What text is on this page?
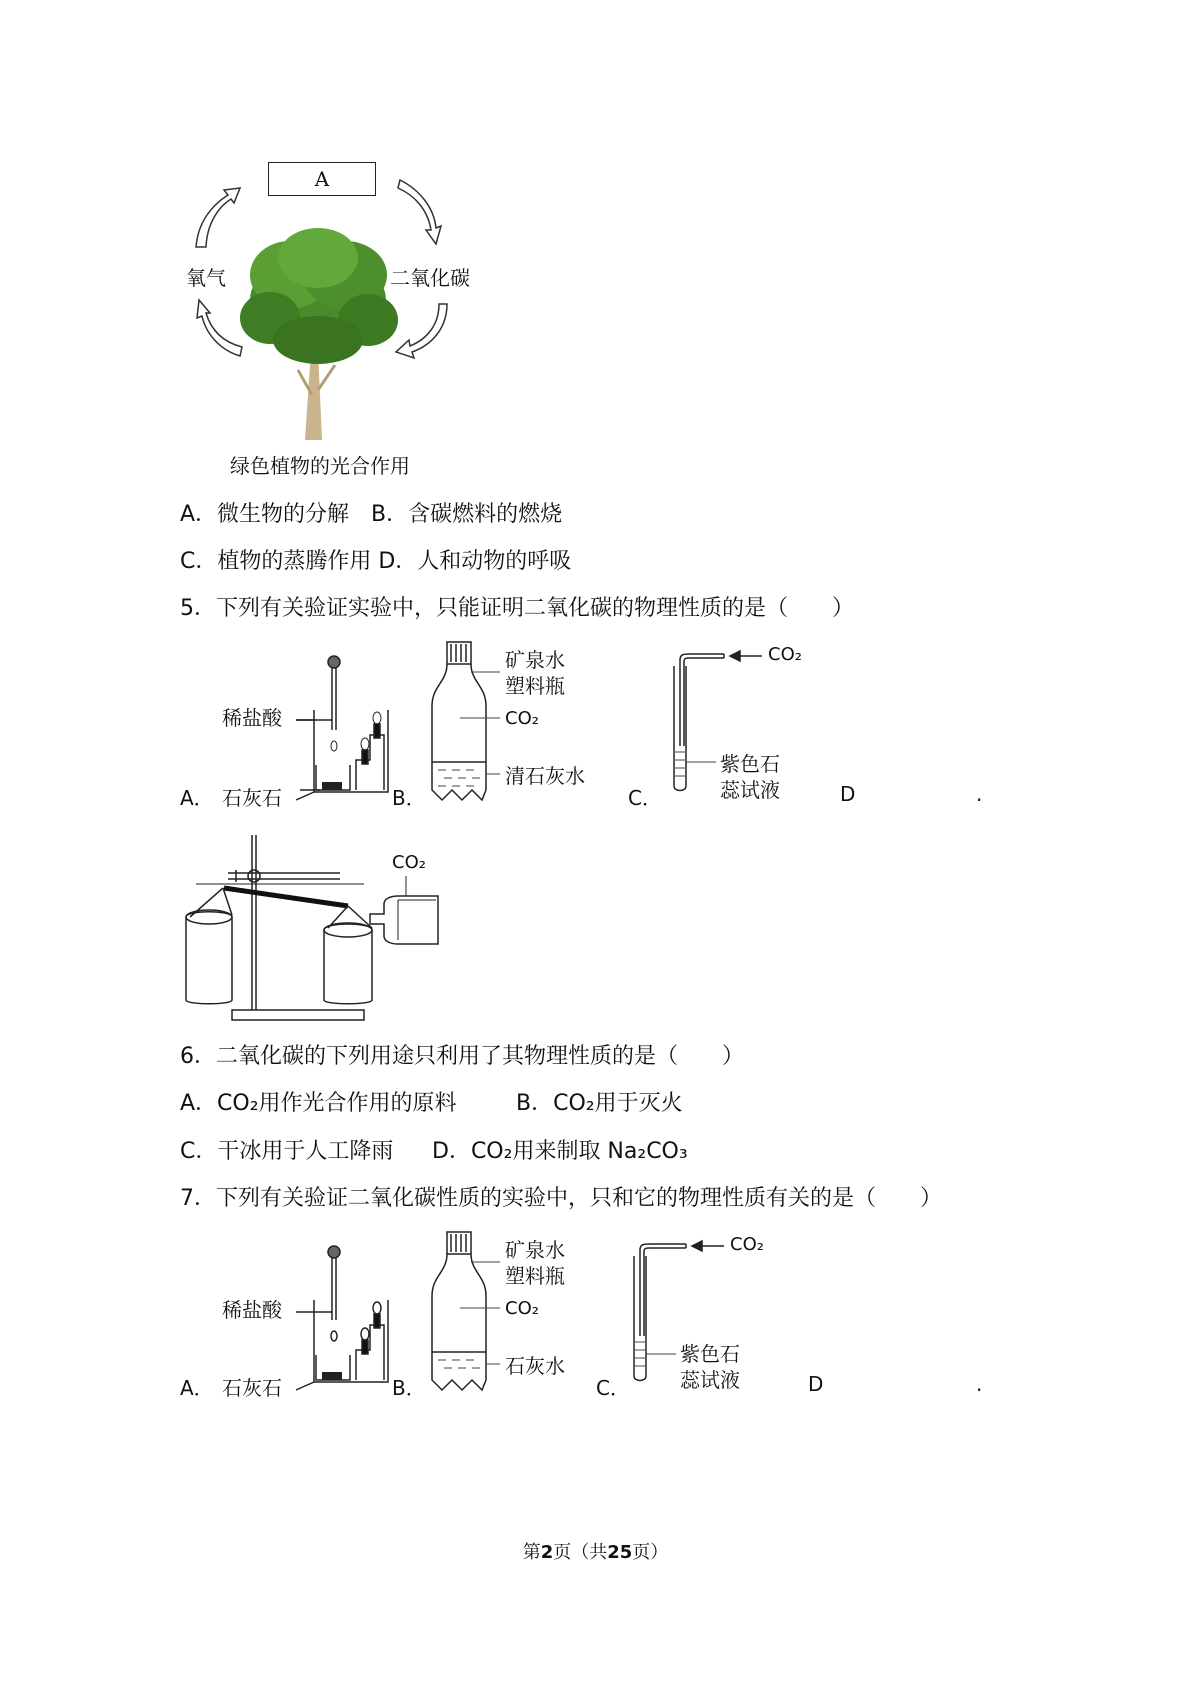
A
氧气	二氧化碳
绿色植物的光合作用
A．微生物的分解　B．含碳燃料的燃烧
C．植物的蒸腾作用 D．人和动物的呼吸
5．下列有关验证实验中，只能证明二氧化碳的物理性质的是（　　）
A．
稀盐酸
石灰石	B．
矿泉水
塑料瓶
CO₂
清石灰水
C．
CO₂
紫色石
蕊试液	D	.
CO₂
6．二氧化碳的下列用途只利用了其物理性质的是（　　）
A．CO₂用作光合作用的原料	B．CO₂用于灭火
C．干冰用于人工降雨 D．CO₂用来制取 Na₂CO₃
7．下列有关验证二氧化碳性质的实验中，只和它的物理性质有关的是（　　）
A．
稀盐酸
石灰石	B．
矿泉水
塑料瓶
CO₂
石灰水
C．
CO₂
紫色石
蕊试液	D	.
第2页（共25页）
